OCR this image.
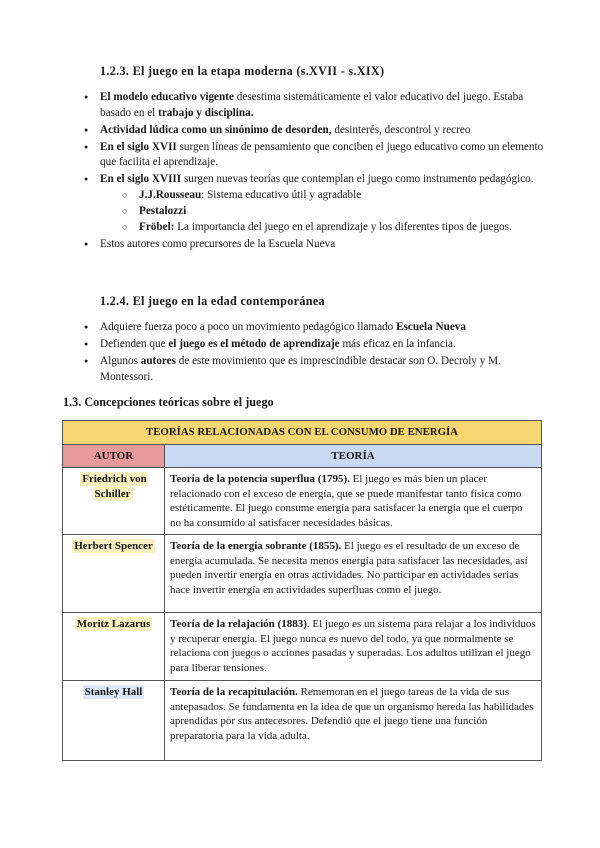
1.2.3. El juego en la etapa moderna (s.XVII - s.XIX)
● El modelo educativo vigente desestima sistemáticamente el valor educativo del juego. Estaba basado en el trabajo y disciplina.
● Actividad lúdica como un sinónimo de desorden, desinterés, descontrol y recreo
● En el siglo XVII surgen líneas de pensamiento que conciben el juego educativo como un elemento que facilita el aprendizaje.
● En el siglo XVIII surgen nuevas teorías que contemplan el juego como instrumento pedagógico.
○ J.J.Rousseau: Sistema educativo útil y agradable
○ Pestalozzi
○ Fröbel: La importancia del juego en el aprendizaje y los diferentes tipos de juegos.
● Estos autores como precursores de la Escuela Nueva
1.2.4. El juego en la edad contemporánea
● Adquiere fuerza poco a poco un movimiento pedagógico llamado Escuela Nueva
● Defienden que el juego es el método de aprendizaje más eficaz en la infancia.
● Algunos autores de este movimiento que es imprescindible destacar son O. Decroly y M. Montessori.
1.3. Concepciones teóricas sobre el juego
TEORÍAS RELACIONADAS CON EL CONSUMO DE ENERGÍA	
AUTOR	TEORÍA
Friedrich von Schiller	Teoría de la potencia superflua (1795). El juego es más bien un placer relacionado con el exceso de energía, que se puede manifestar tanto física como estéticamente. El juego consume energía para satisfacer la energía que el cuerpo no ha consumido al satisfacer necesidades básicas.
Herbert Spencer	Teoría de la energía sobrante (1855). El juego es el resultado de un exceso de energía acumulada. Se necesita menos energía para satisfacer las necesidades, así pueden invertir energía en otras actividades. No participar en actividades serias hace invertir energía en actividades superfluas como el juego.
Moritz Lazarus	Teoría de la relajación (1883). El juego es un sistema para relajar a los individuos y recuperar energía. El juego nunca es nuevo del todo, ya que normalmente se relaciona con juegos o acciones pasadas y superadas. Los adultos utilizan el juego para liberar tensiones.
Stanley Hall	Teoría de la recapitulación. Rememoran en el juego tareas de la vida de sus antepasados. Se fundamenta en la idea de que un organismo hereda las habilidades aprendidas por sus antecesores. Defendió que el juego tiene una función preparatoria para la vida adulta.
